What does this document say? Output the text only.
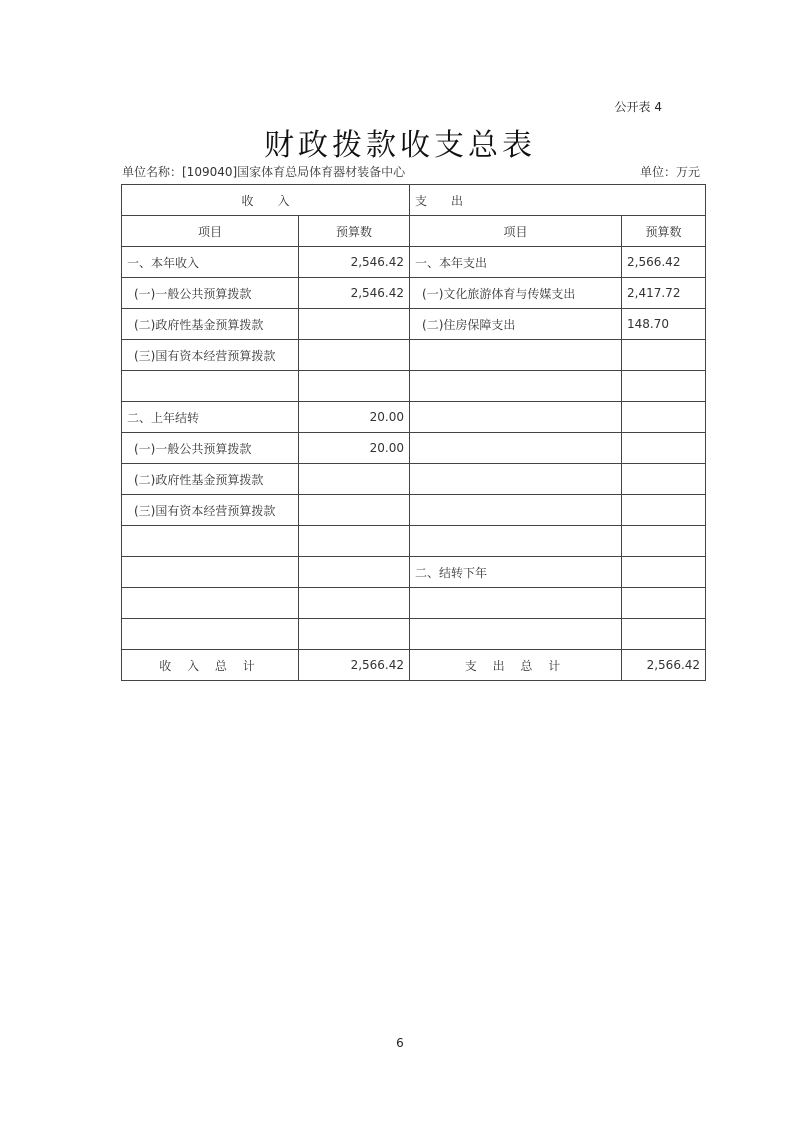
公开表 4
财政拨款收支总表
单位名称：[109040]国家体育总局体育器材装备中心	单位：万元
收　　入		支　　出	
项目	预算数	项目	预算数
一、本年收入	2,546.42	一、本年支出	2,566.42
(一)一般公共预算拨款	2,546.42	(一)文化旅游体育与传媒支出	2,417.72
(二)政府性基金预算拨款		(二)住房保障支出	148.70
(三)国有资本经营预算拨款			

二、上年结转	20.00		
(一)一般公共预算拨款	20.00		
(二)政府性基金预算拨款			
(三)国有资本经营预算拨款			

		二、结转下年	

收 入 总 计	2,566.42	支 出 总 计	2,566.42
6
